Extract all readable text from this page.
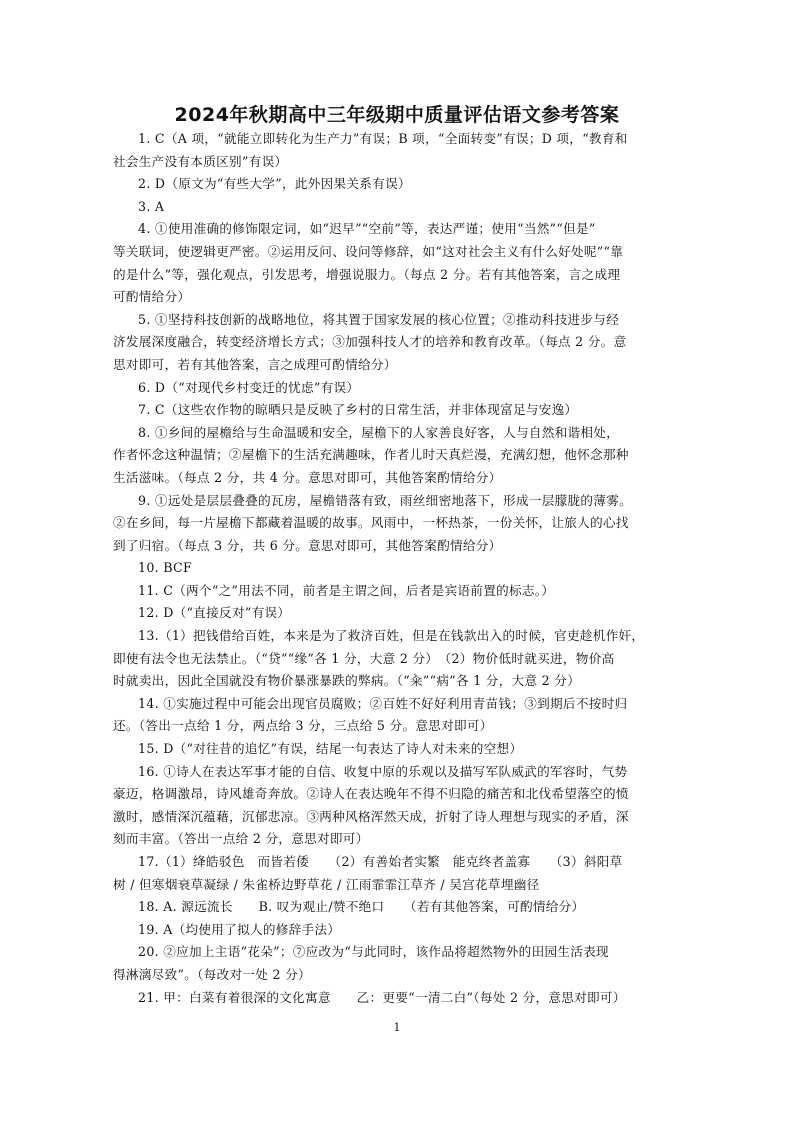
2024年秋期高中三年级期中质量评估语文参考答案
1. C（A 项，“就能立即转化为生产力”有误；B 项，“全面转变”有误；D 项，“教育和
社会生产没有本质区别”有误）
2. D（原文为“有些大学”，此外因果关系有误）
3. A
4. ①使用准确的修饰限定词，如“迟早”“空前”等，表达严谨；使用“当然”“但是”
等关联词，使逻辑更严密。②运用反问、设问等修辞，如“这对社会主义有什么好处呢”“靠
的是什么”等，强化观点，引发思考，增强说服力。（每点 2 分。若有其他答案，言之成理
可酌情给分）
5. ①坚持科技创新的战略地位，将其置于国家发展的核心位置；②推动科技进步与经
济发展深度融合，转变经济增长方式；③加强科技人才的培养和教育改革。（每点 2 分。意
思对即可，若有其他答案，言之成理可酌情给分）
6. D（“对现代乡村变迁的忧虑”有误）
7. C（这些农作物的晾晒只是反映了乡村的日常生活，并非体现富足与安逸）
8. ①乡间的屋檐给与生命温暖和安全，屋檐下的人家善良好客，人与自然和谐相处，
作者怀念这种温情；②屋檐下的生活充满趣味，作者儿时天真烂漫，充满幻想，他怀念那种
生活滋味。（每点 2 分，共 4 分。意思对即可，其他答案酌情给分）
9. ①远处是层层叠叠的瓦房，屋檐错落有致，雨丝细密地落下，形成一层朦胧的薄雾。
②在乡间，每一片屋檐下都藏着温暖的故事。风雨中，一杯热茶，一份关怀，让旅人的心找
到了归宿。（每点 3 分，共 6 分。意思对即可，其他答案酌情给分）
10. BCF
11. C（两个“之”用法不同，前者是主谓之间，后者是宾语前置的标志。）
12. D（“直接反对”有误）
13.（1）把钱借给百姓，本来是为了救济百姓，但是在钱款出入的时候，官吏趁机作奸，
即使有法令也无法禁止。（“贷”“缘”各 1 分，大意 2 分）　（2）物价低时就买进，物价高
时就卖出，因此全国就没有物价暴涨暴跌的弊病。（“籴”“病”各 1 分，大意 2 分）
14. ①实施过程中可能会出现官员腐败；②百姓不好好利用青苗钱；③到期后不按时归
还。（答出一点给 1 分，两点给 3 分，三点给 5 分。意思对即可）
15. D（“对往昔的追忆”有误，结尾一句表达了诗人对未来的空想）
16. ①诗人在表达军事才能的自信、收复中原的乐观以及描写军队威武的军容时，气势
豪迈，格调激昂，诗风雄奇奔放。②诗人在表达晚年不得不归隐的痛苦和北伐希望落空的愤
激时，感情深沉蕴藉，沉郁悲凉。③两种风格浑然天成，折射了诗人理想与现实的矛盾，深
刻而丰富。（答出一点给 2 分，意思对即可）
17.（1）绛皓驳色　而皆若倭　　（2）有善始者实繁　能克终者盖寡　　（3）斜阳草
树 / 但寒烟衰草凝绿 / 朱雀桥边野草花 / 江雨霏霏江草齐 / 吴宫花草埋幽径
18. A. 源远流长　　B. 叹为观止/赞不绝口　　（若有其他答案，可酌情给分）
19. A（均使用了拟人的修辞手法）
20. ②应加上主语“花朵”；⑦应改为“与此同时，该作品将超然物外的田园生活表现
得淋漓尽致”。（每改对一处 2 分）
21. 甲：白菜有着很深的文化寓意　　乙：更要“一清二白”（每处 2 分，意思对即可）
1
